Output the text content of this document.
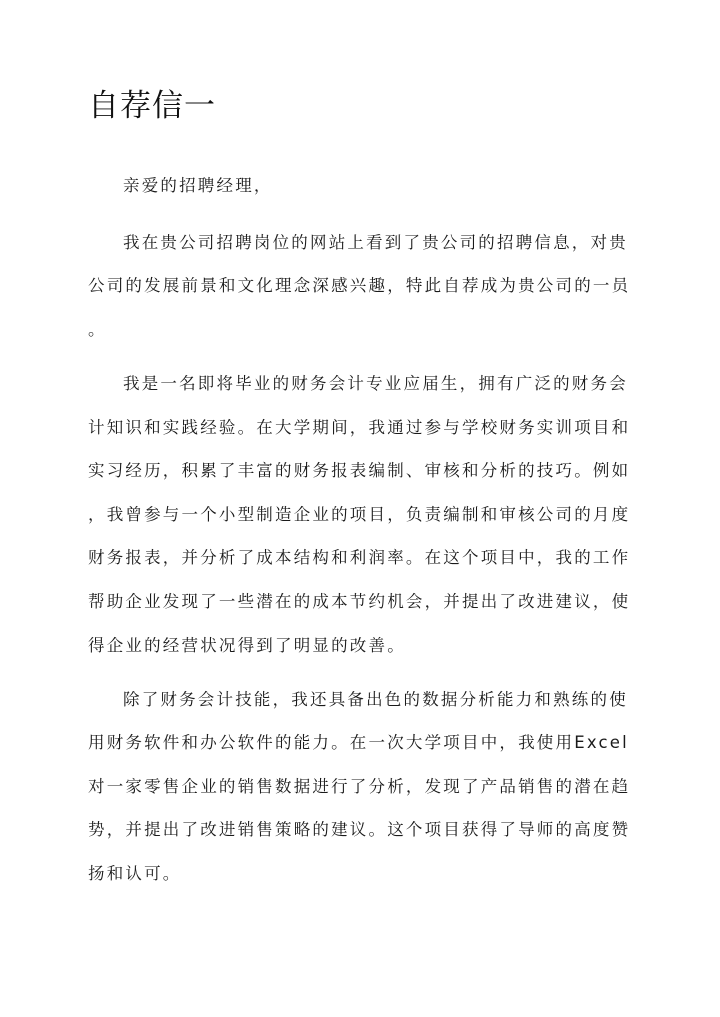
自荐信一

亲爱的招聘经理，

我在贵公司招聘岗位的网站上看到了贵公司的招聘信息，对贵

公司的发展前景和文化理念深感兴趣，特此自荐成为贵公司的一员

。

我是一名即将毕业的财务会计专业应届生，拥有广泛的财务会

计知识和实践经验。在大学期间，我通过参与学校财务实训项目和

实习经历，积累了丰富的财务报表编制、审核和分析的技巧。例如

，我曾参与一个小型制造企业的项目，负责编制和审核公司的月度

财务报表，并分析了成本结构和利润率。在这个项目中，我的工作

帮助企业发现了一些潜在的成本节约机会，并提出了改进建议，使

得企业的经营状况得到了明显的改善。

除了财务会计技能，我还具备出色的数据分析能力和熟练的使

用财务软件和办公软件的能力。在一次大学项目中，我使用Excel

对一家零售企业的销售数据进行了分析，发现了产品销售的潜在趋

势，并提出了改进销售策略的建议。这个项目获得了导师的高度赞

扬和认可。
